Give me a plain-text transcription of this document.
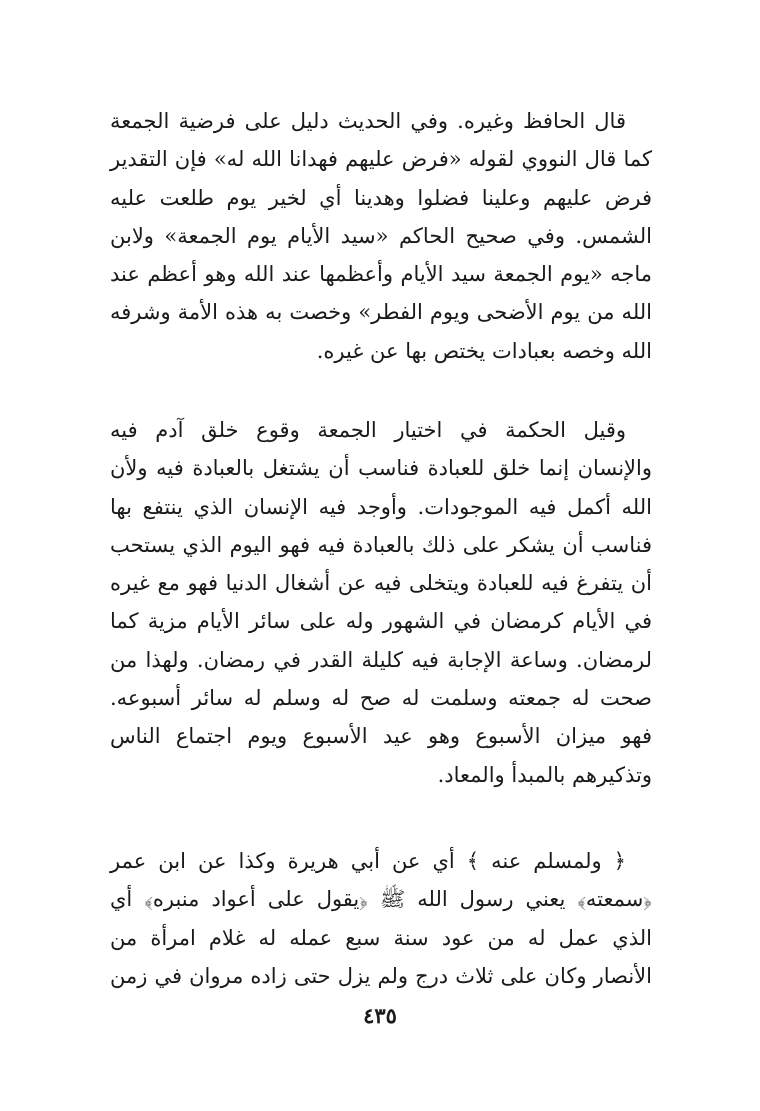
قال الحافظ وغيره. وفي الحديث دليل على فرضية الجمعة
كما قال النووي لقوله «فرض عليهم فهدانا الله له» فإن التقدير
فرض عليهم وعلينا فضلوا وهدينا أي لخير يوم طلعت عليه
الشمس. وفي صحيح الحاكم «سيد الأيام يوم الجمعة» ولابن
ماجه «يوم الجمعة سيد الأيام وأعظمها عند الله وهو أعظم عند
الله من يوم الأضحى ويوم الفطر» وخصت به هذه الأمة وشرفه
الله وخصه بعبادات يختص بها عن غيره.
وقيل الحكمة في اختيار الجمعة وقوع خلق آدم فيه
والإنسان إنما خلق للعبادة فناسب أن يشتغل بالعبادة فيه ولأن
الله أكمل فيه الموجودات. وأوجد فيه الإنسان الذي ينتفع بها
فناسب أن يشكر على ذلك بالعبادة فيه فهو اليوم الذي يستحب
أن يتفرغ فيه للعبادة ويتخلى فيه عن أشغال الدنيا فهو مع غيره
في الأيام كرمضان في الشهور وله على سائر الأيام مزية كما
لرمضان. وساعة الإجابة فيه كليلة القدر في رمضان. ولهذا من
صحت له جمعته وسلمت له صح له وسلم له سائر أسبوعه.
فهو ميزان الأسبوع وهو عيد الأسبوع ويوم اجتماع الناس
وتذكيرهم بالمبدأ والمعاد.
﴿ ولمسلم عنه ﴾ أي عن أبي هريرة وكذا عن ابن عمر
﴿سمعته﴾ يعني رسول الله ﷺ ﴿يقول على أعواد منبره﴾ أي
الذي عمل له من عود سنة سبع عمله له غلام امرأة من
الأنصار وكان على ثلاث درج ولم يزل حتى زاده مروان في زمن
٤٣٥
